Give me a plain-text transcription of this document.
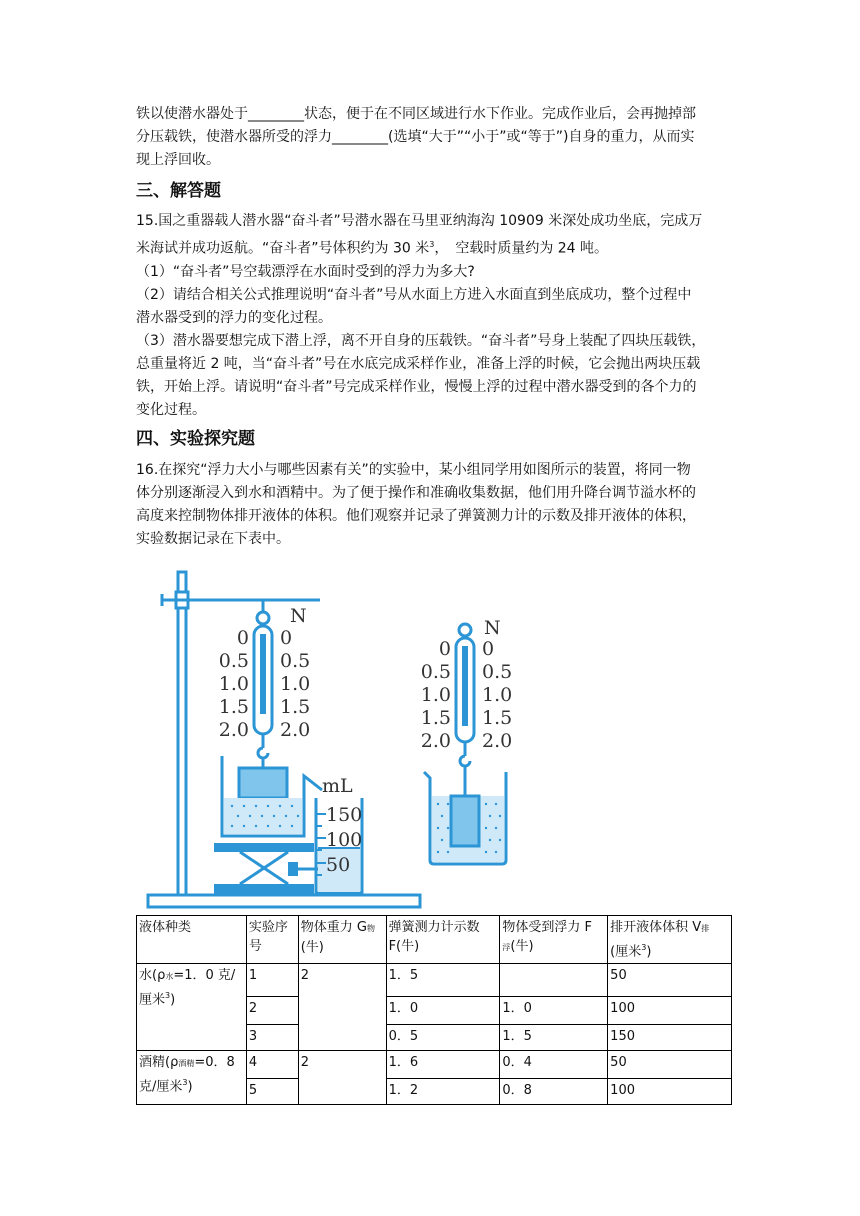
铁以使潜水器处于________状态，便于在不同区域进行水下作业。完成作业后，会再抛掉部
分压载铁，使潜水器所受的浮力________(选填“大于”“小于”或“等于”)自身的重力，从而实
现上浮回收。

三、解答题

15.国之重器载人潜水器“奋斗者”号潜水器在马里亚纳海沟 10909 米深处成功坐底，完成万
米海试并成功返航。“奋斗者”号体积约为 30 米$^3$，　空载时质量约为 24 吨。
（1）“奋斗者”号空载漂浮在水面时受到的浮力为多大?
（2）请结合相关公式推理说明“奋斗者”号从水面上方进入水面直到坐底成功，整个过程中
潜水器受到的浮力的变化过程。
（3）潜水器要想完成下潜上浮，离不开自身的压载铁。“奋斗者”号身上装配了四块压载铁，
总重量将近 2 吨，当“奋斗者”号在水底完成采样作业，准备上浮的时候，它会抛出两块压载
铁，开始上浮。请说明“奋斗者”号完成采样作业，慢慢上浮的过程中潜水器受到的各个力的
变化过程。

四、实验探究题

16.在探究“浮力大小与哪些因素有关”的实验中，某小组同学用如图所示的装置，将同一物
体分别逐渐浸入到水和酒精中。为了便于操作和准确收集数据，他们用升降台调节溢水杯的
高度来控制物体排开液体的体积。他们观察并记录了弹簧测力计的示数及排开液体的体积，
实验数据记录在下表中。

N
0
0.5
1.0
1.5
2.0
0
0.5
1.0
1.5
2.0
mL
150
100
50
N
0
0.5
1.0
1.5
2.0
0
0.5
1.0
1.5
2.0
液体种类	实验序
号	物体重力 G物
(牛)	弹簧测力计示数
F(牛)	物体受到浮力 F
浮(牛)	排开液体体积 V排
(厘米$^3$)
水(ρ水=1．0 克/
厘米$^3$)	1	2	1．5		50
	2		1．0	1．0	100
	3		0．5	1．5	150
酒精(ρ酒精=0．8
克/厘米$^3$)	4	2	1．6	0．4	50
	5		1．2	0．8	100
